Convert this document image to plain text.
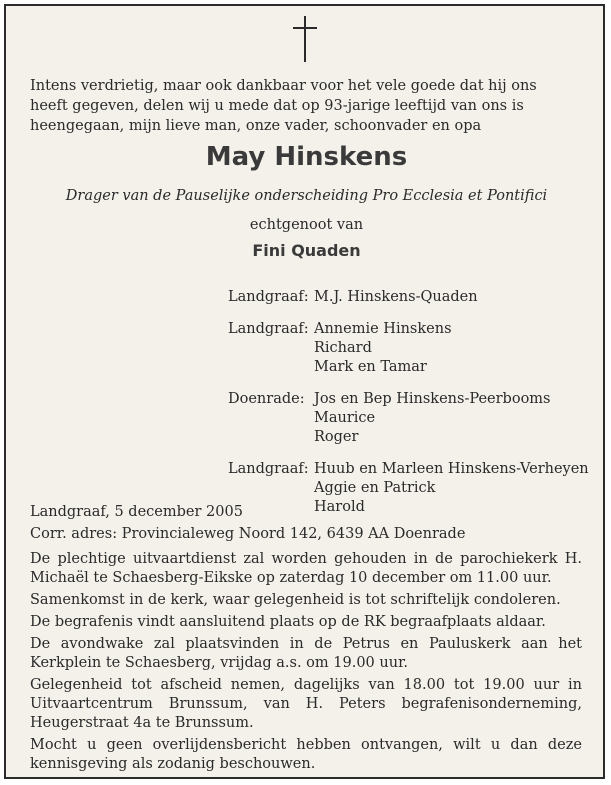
Intens verdrietig, maar ook dankbaar voor het vele goede dat hij ons heeft gegeven, delen wij u mede dat op 93-jarige leeftijd van ons is heengegaan, mijn lieve man, onze vader, schoonvader en opa

May Hinskens

Drager van de Pauselijke onderscheiding Pro Ecclesia et Pontifici

echtgenoot van

Fini Quaden

Landgraaf: M.J. Hinskens-Quaden
Landgraaf: Annemie Hinskens
Richard
Mark en Tamar
Doenrade: Jos en Bep Hinskens-Peerbooms
Maurice
Roger
Landgraaf: Huub en Marleen Hinskens-Verheyen
Aggie en Patrick
Harold

Landgraaf, 5 december 2005

Corr. adres: Provincialeweg Noord 142, 6439 AA Doenrade

De plechtige uitvaartdienst zal worden gehouden in de parochiekerk H. Michaël te Schaesberg-Eikske op zaterdag 10 december om 11.00 uur.

Samenkomst in de kerk, waar gelegenheid is tot schriftelijk condoleren.

De begrafenis vindt aansluitend plaats op de RK begraafplaats aldaar.

De avondwake zal plaatsvinden in de Petrus en Pauluskerk aan het Kerkplein te Schaesberg, vrijdag a.s. om 19.00 uur.

Gelegenheid tot afscheid nemen, dagelijks van 18.00 tot 19.00 uur in Uitvaartcentrum Brunssum, van H. Peters begrafenisonderneming, Heugerstraat 4a te Brunssum.

Mocht u geen overlijdensbericht hebben ontvangen, wilt u dan deze kennisgeving als zodanig beschouwen.
